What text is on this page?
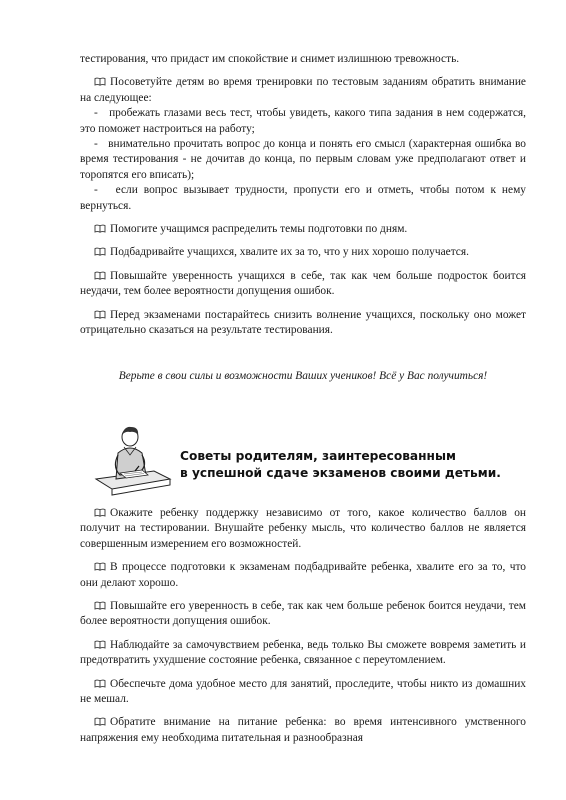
тестирования, что придаст им спокойствие и снимет излишнюю тревожность.

Посоветуйте детям во время тренировки по тестовым заданиям обратить внимание на следующее:

-   пробежать глазами весь тест, чтобы увидеть, какого типа задания в нем содержатся, это поможет настроиться на работу;

-   внимательно прочитать вопрос до конца и понять его смысл (характерная ошибка во время тестирования - не дочитав до конца, по первым словам уже предполагают ответ и торопятся его вписать);

-   если вопрос вызывает трудности, пропусти его и отметь, чтобы потом к нему вернуться.

Помогите учащимся распределить темы подготовки по дням.

Подбадривайте учащихся, хвалите их за то, что у них хорошо получается.

Повышайте уверенность учащихся в себе, так как чем больше подросток боится неудачи, тем более вероятности допущения ошибок.

Перед экзаменами постарайтесь снизить волнение учащихся, поскольку оно может отрицательно сказаться на результате тестирования.

Верьте в свои силы и возможности Ваших учеников! Всё у Вас получиться!

Советы родителям, заинтересованным
в успешной сдаче экзаменов своими детьми.

Окажите ребенку поддержку независимо от того, какое количество баллов он получит на тестировании. Внушайте ребенку мысль, что количество баллов не является совершенным измерением его возможностей.

В процессе подготовки к экзаменам подбадривайте ребенка, хвалите его за то, что они делают хорошо.

Повышайте его уверенность в себе, так как чем больше ребенок боится неудачи, тем более вероятности допущения ошибок.

Наблюдайте за самочувствием ребенка, ведь только Вы сможете вовремя заметить и предотвратить ухудшение состояние ребенка, связанное с переутомлением.

Обеспечьте дома удобное место для занятий, проследите, чтобы никто из домашних не мешал.

Обратите внимание на питание ребенка: во время интенсивного умственного напряжения ему необходима питательная и разнообразная
